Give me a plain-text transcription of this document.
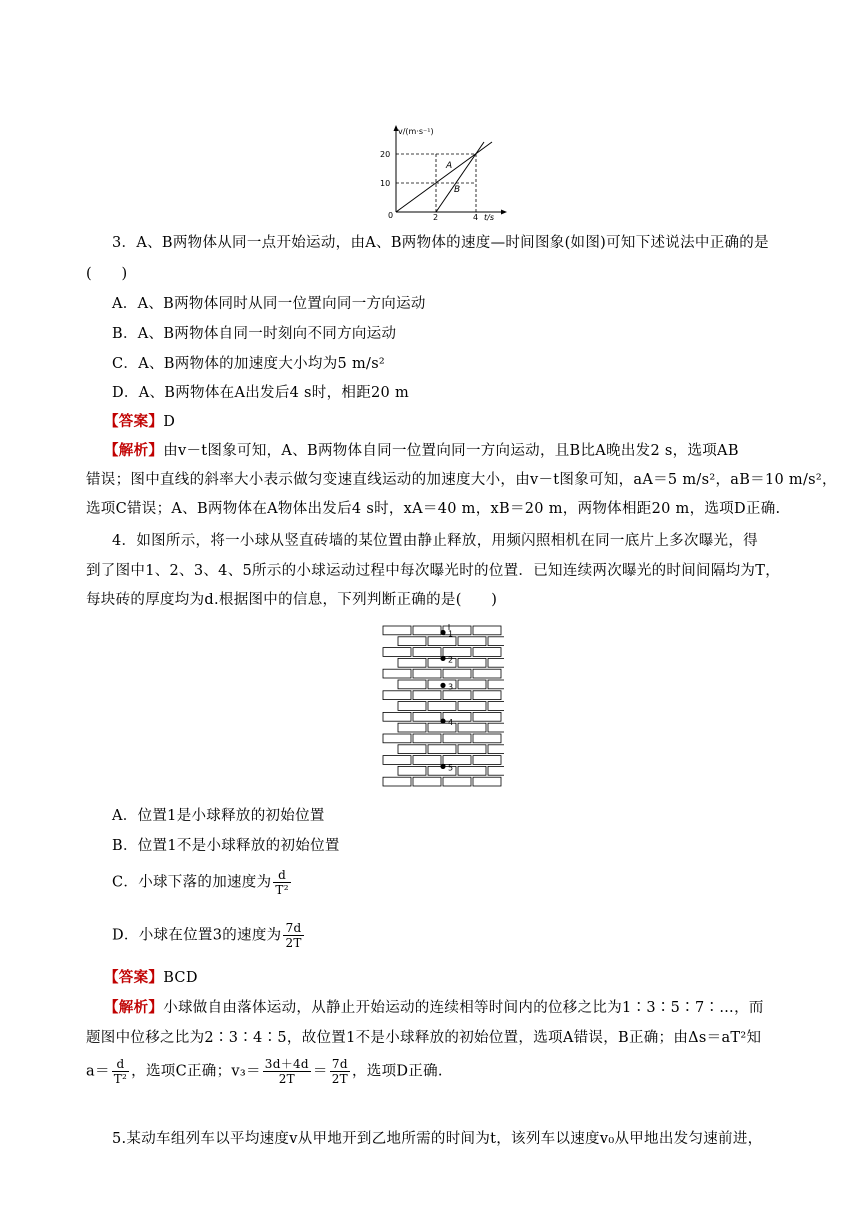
v/(m·s⁻¹)
t/s
20
10
0	2	4
A
B
3．A、B两物体从同一点开始运动，由A、B两物体的速度—时间图象(如图)可知下述说法中正确的是
(　　)
A．A、B两物体同时从同一位置向同一方向运动
B．A、B两物体自同一时刻向不同方向运动
C．A、B两物体的加速度大小均为5 m/s²
D．A、B两物体在A出发后4 s时，相距20 m
【答案】D
【解析】由v－t图象可知，A、B两物体自同一位置向同一方向运动，且B比A晚出发2 s，选项AB
错误；图中直线的斜率大小表示做匀变速直线运动的加速度大小，由v－t图象可知，aA＝5 m/s²，aB＝10 m/s²，
选项C错误；A、B两物体在A物体出发后4 s时，xA＝40 m，xB＝20 m，两物体相距20 m，选项D正确.
4．如图所示，将一小球从竖直砖墙的某位置由静止释放，用频闪照相机在同一底片上多次曝光，得
到了图中1、2、3、4、5所示的小球运动过程中每次曝光时的位置．已知连续两次曝光的时间间隔均为T，
每块砖的厚度均为d.根据图中的信息，下列判断正确的是(　　)
1
2
3
4
5
A．位置1是小球释放的初始位置
B．位置1不是小球释放的初始位置
C．小球下落的加速度为 $\frac{d}{\text{T²}}$
D．小球在位置3的速度为 $\frac{7d}{2T}$
【答案】BCD
【解析】小球做自由落体运动，从静止开始运动的连续相等时间内的位移之比为1∶3∶5∶7∶…，而
题图中位移之比为2∶3∶4∶5，故位置1不是小球释放的初始位置，选项A错误，B正确；由Δs＝aT²知
$a= \frac{d}{\text{T²}}$ ，选项C正确；$v_3= \frac{3d+4d}{2T} = \frac{7d}{2T}$ ，选项D正确.
5.某动车组列车以平均速度v从甲地开到乙地所需的时间为t，该列车以速度v₀从甲地出发匀速前进，
